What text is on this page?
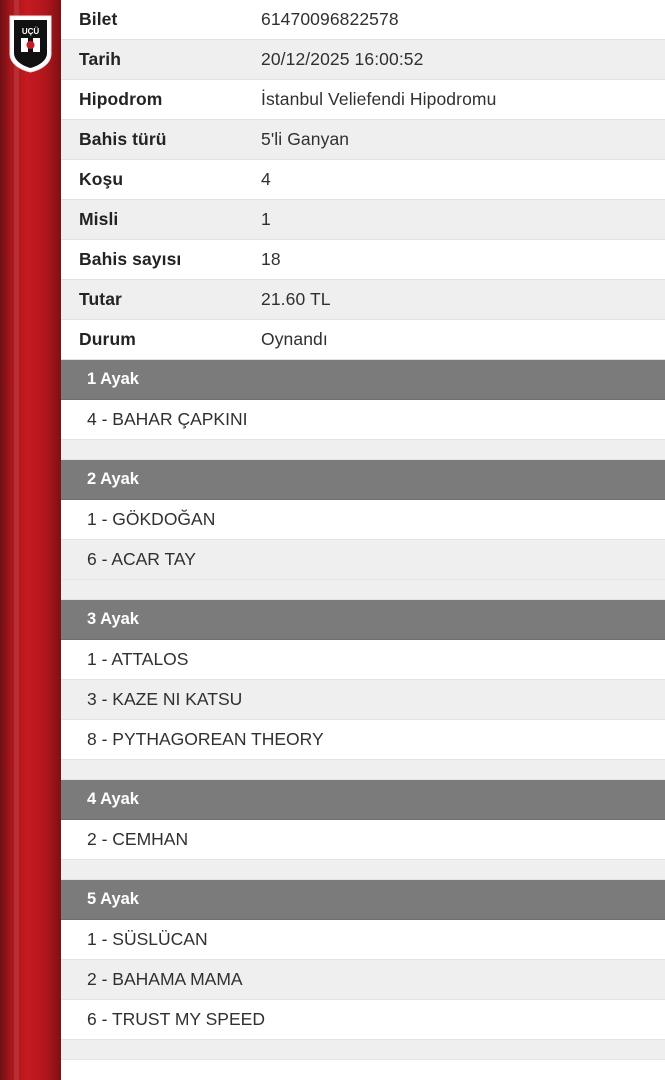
UÇÜ
Bilet	61470096822578
Tarih	20/12/2025 16:00:52
Hipodrom	İstanbul Veliefendi Hipodromu
Bahis türü	5'li Ganyan
Koşu	4
Misli	1
Bahis sayısı	18
Tutar	21.60 TL
Durum	Oynandı
1 Ayak
4 - BAHAR ÇAPKINI
2 Ayak
1 - GÖKDOĞAN
6 - ACAR TAY
3 Ayak
1 - ATTALOS
3 - KAZE NI KATSU
8 - PYTHAGOREAN THEORY
4 Ayak
2 - CEMHAN
5 Ayak
1 - SÜSLÜCAN
2 - BAHAMA MAMA
6 - TRUST MY SPEED
